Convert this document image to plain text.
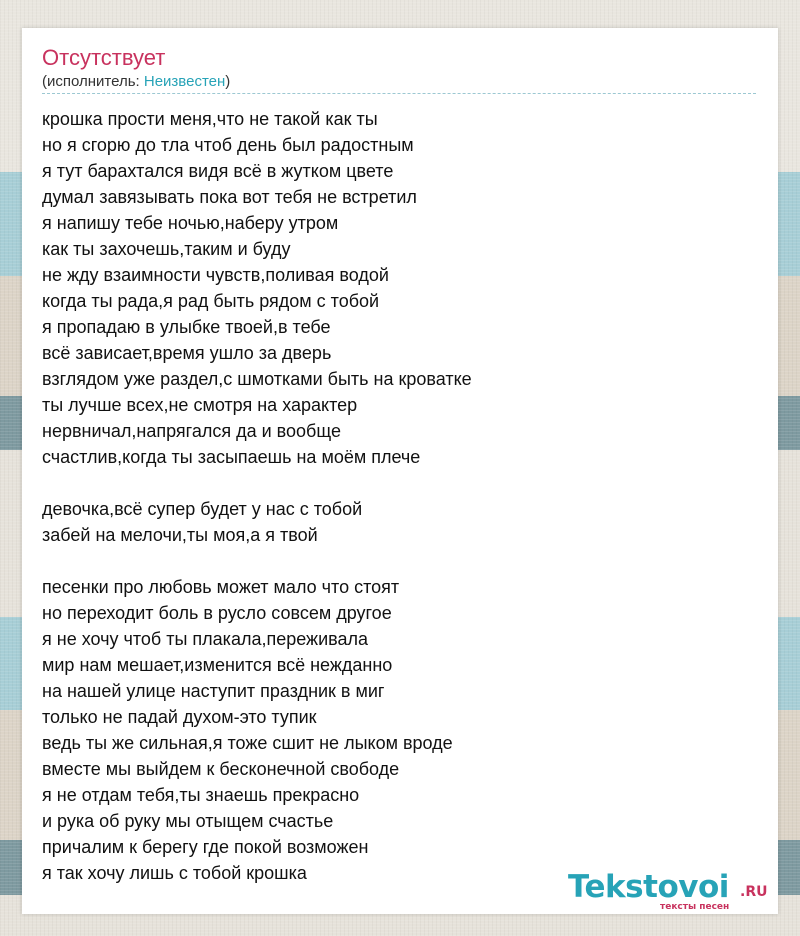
Отсутствует
(исполнитель: Неизвестен)
крошка прости меня,что не такой как ты
но я сгорю до тла чтоб день был радостным
я тут барахтался видя всё в жутком цвете
думал завязывать пока вот тебя не встретил
я напишу тебе ночью,наберу утром
как ты захочешь,таким и буду
не жду взаимности чувств,поливая водой
когда ты рада,я рад быть рядом с тобой
я пропадаю в улыбке твоей,в тебе
всё зависает,время ушло за дверь
взглядом уже раздел,с шмотками быть на кроватке
ты лучше всех,не смотря на характер
нервничал,напрягался да и вообще
счастлив,когда ты засыпаешь на моём плече
девочка,всё супер будет у нас с тобой
забей на мелочи,ты моя,а я твой
песенки про любовь может мало что стоят
но переходит боль в русло совсем другое
я не хочу чтоб ты плакала,переживала
мир нам мешает,изменится всё нежданно
на нашей улице наступит праздник в миг
только не падай духом-это тупик
ведь ты же сильная,я тоже сшит не лыком вроде
вместе мы выйдем к бесконечной свободе
я не отдам тебя,ты знаешь прекрасно
и рука об руку мы отыщем счастье
причалим к берегу где покой возможен
я так хочу лишь с тобой крошка	Tekstovoi .RU
тексты песен
